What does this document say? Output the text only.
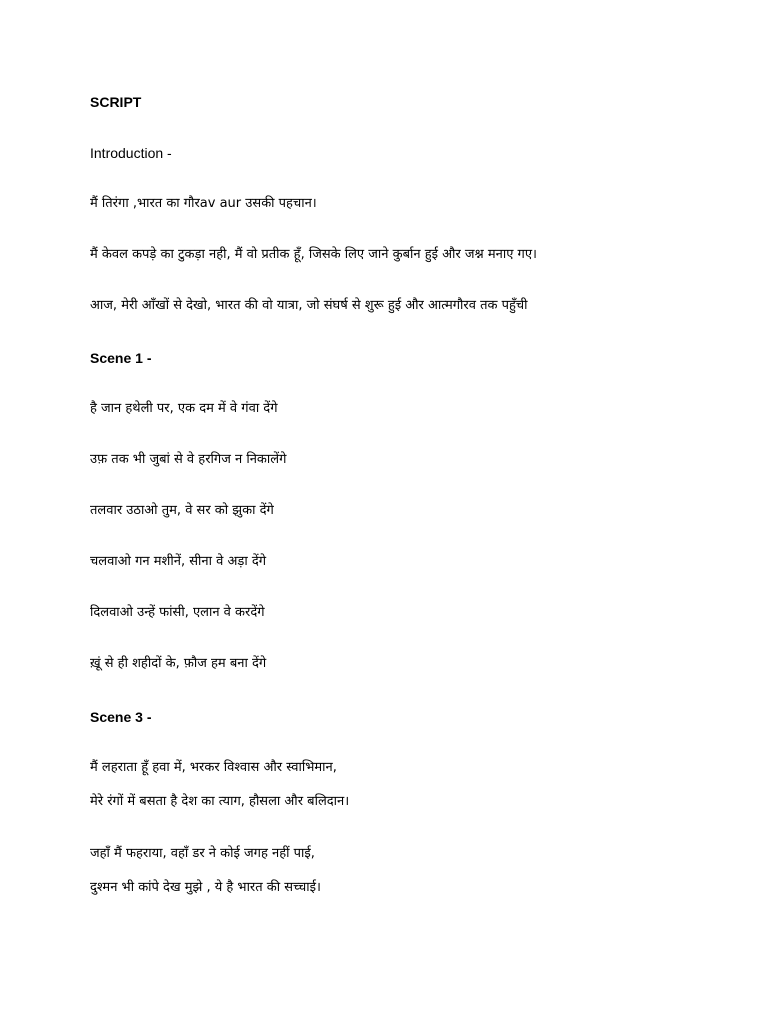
SCRIPT
Introduction -
मैं तिरंगा ,भारत का गौरav aur उसकी पहचान।
मैं केवल कपड़े का टुकड़ा नही, मैं वो प्रतीक हूँ, जिसके लिए जाने कुर्बान हुई और जश्न मनाए गए।
आज, मेरी आँखों से देखो, भारत की वो यात्रा, जो संघर्ष से शुरू हुई और आत्मगौरव तक पहुँची
Scene 1 -
है जान हथेली पर, एक दम में वे गंवा देंगे
उफ़ तक भी जुबां से वे हरगिज न निकालेंगे
तलवार उठाओ तुम, वे सर को झुका देंगे
चलवाओ गन मशीनें, सीना वे अड़ा देंगे
दिलवाओ उन्हें फांसी, एलान वे करदेंगे
ख़ूं से ही शहीदों के, फ़ौज हम बना देंगे
Scene 3 -
मैं लहराता हूँ हवा में, भरकर विश्वास और स्वाभिमान,
मेरे रंगों में बसता है देश का त्याग, हौसला और बलिदान।
जहाँ मैं फहराया, वहाँ डर ने कोई जगह नहीं पाई,
दुश्मन भी कांपे देख मुझे , ये है भारत की सच्चाई।
